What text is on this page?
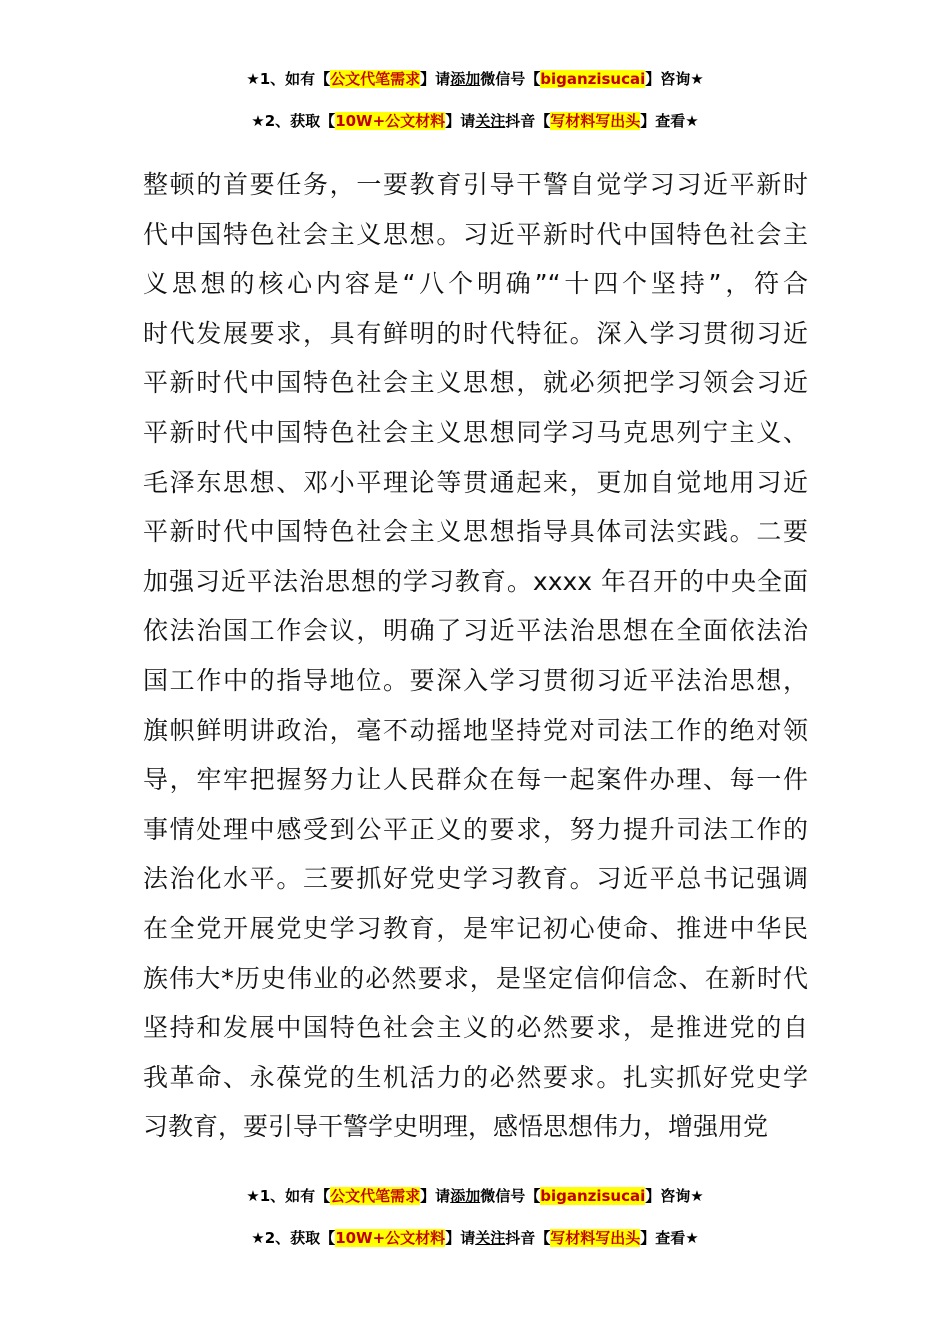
★1、如有【公文代笔需求】请添加微信号【biganzisucai】咨询★
★2、获取【10W+公文材料】请关注抖音【写材料写出头】查看★
整顿的首要任务，一要教育引导干警自觉学习习近平新时
代中国特色社会主义思想。习近平新时代中国特色社会主
义思想的核心内容是“八个明确”“十四个坚持”，符合
时代发展要求，具有鲜明的时代特征。深入学习贯彻习近
平新时代中国特色社会主义思想，就必须把学习领会习近
平新时代中国特色社会主义思想同学习马克思列宁主义、
毛泽东思想、邓小平理论等贯通起来，更加自觉地用习近
平新时代中国特色社会主义思想指导具体司法实践。二要
加强习近平法治思想的学习教育。xxxx 年召开的中央全面
依法治国工作会议，明确了习近平法治思想在全面依法治
国工作中的指导地位。要深入学习贯彻习近平法治思想，
旗帜鲜明讲政治，毫不动摇地坚持党对司法工作的绝对领
导，牢牢把握努力让人民群众在每一起案件办理、每一件
事情处理中感受到公平正义的要求，努力提升司法工作的
法治化水平。三要抓好党史学习教育。习近平总书记强调
在全党开展党史学习教育，是牢记初心使命、推进中华民
族伟大*历史伟业的必然要求，是坚定信仰信念、在新时代
坚持和发展中国特色社会主义的必然要求，是推进党的自
我革命、永葆党的生机活力的必然要求。扎实抓好党史学
习教育，要引导干警学史明理，感悟思想伟力，增强用党
★1、如有【公文代笔需求】请添加微信号【biganzisucai】咨询★
★2、获取【10W+公文材料】请关注抖音【写材料写出头】查看★
